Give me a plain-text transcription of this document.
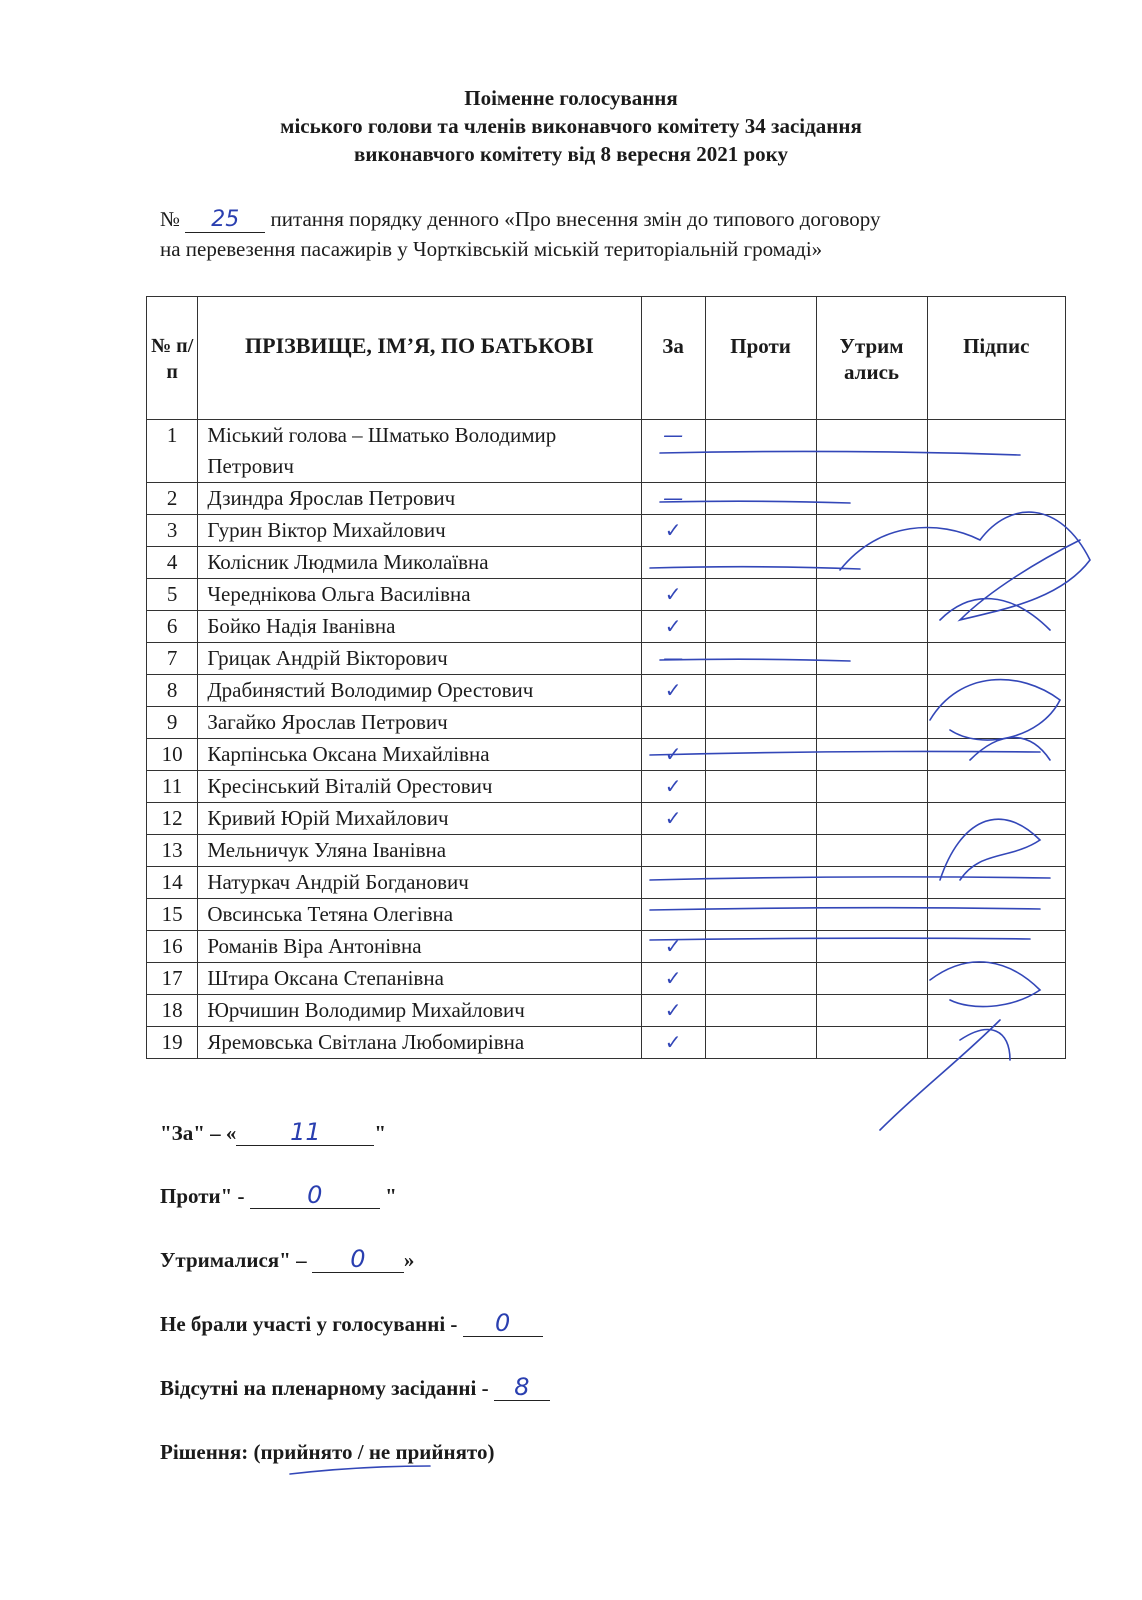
Поіменне голосування
міського голови та членів виконавчого комітету 34 засідання
виконавчого комітету від 8 вересня 2021 року
№ 25 питання порядку денного «Про внесення змін до типового договору
на перевезення пасажирів у Чортківській міській територіальній громаді»
№ п/ п	ПРІЗВИЩЕ, ІМ’Я, ПО БАТЬКОВІ	За	Проти	Утрим ались	Підпис
1	Міський голова – Шматько Володимир Петрович	—			

2	Дзиндра Ярослав Петрович	—			

3	Гурин Віктор Михайлович	✓			

4	Колісник Людмила Миколаївна	

5	Череднікова Ольга Василівна	✓			

6	Бойко Надія Іванівна	✓			

7	Грицак Андрій Вікторович	—			

8	Драбинястий Володимир Орестович	✓			

9	Загайко Ярослав Петрович	

10	Карпінська Оксана Михайлівна	✓			

11	Кресінський Віталій Орестович	✓			

12	Кривий Юрій Михайлович	✓			

13	Мельничук Уляна Іванівна	

14	Натуркач Андрій Богданович	

15	Овсинська Тетяна Олегівна	

16	Романів Віра Антонівна	✓			

17	Штира Оксана Степанівна	✓			

18	Юрчишин Володимир Михайлович	✓			

19	Яремовська Світлана Любомирівна	✓			

"За" – « 11	"
Проти" - 0	"
Утрималися" – 0 »
Не брали участі у голосуванні - 0
Відсутні на пленарному засіданні - 8
Рішення: (прийнято / не прийнято)
